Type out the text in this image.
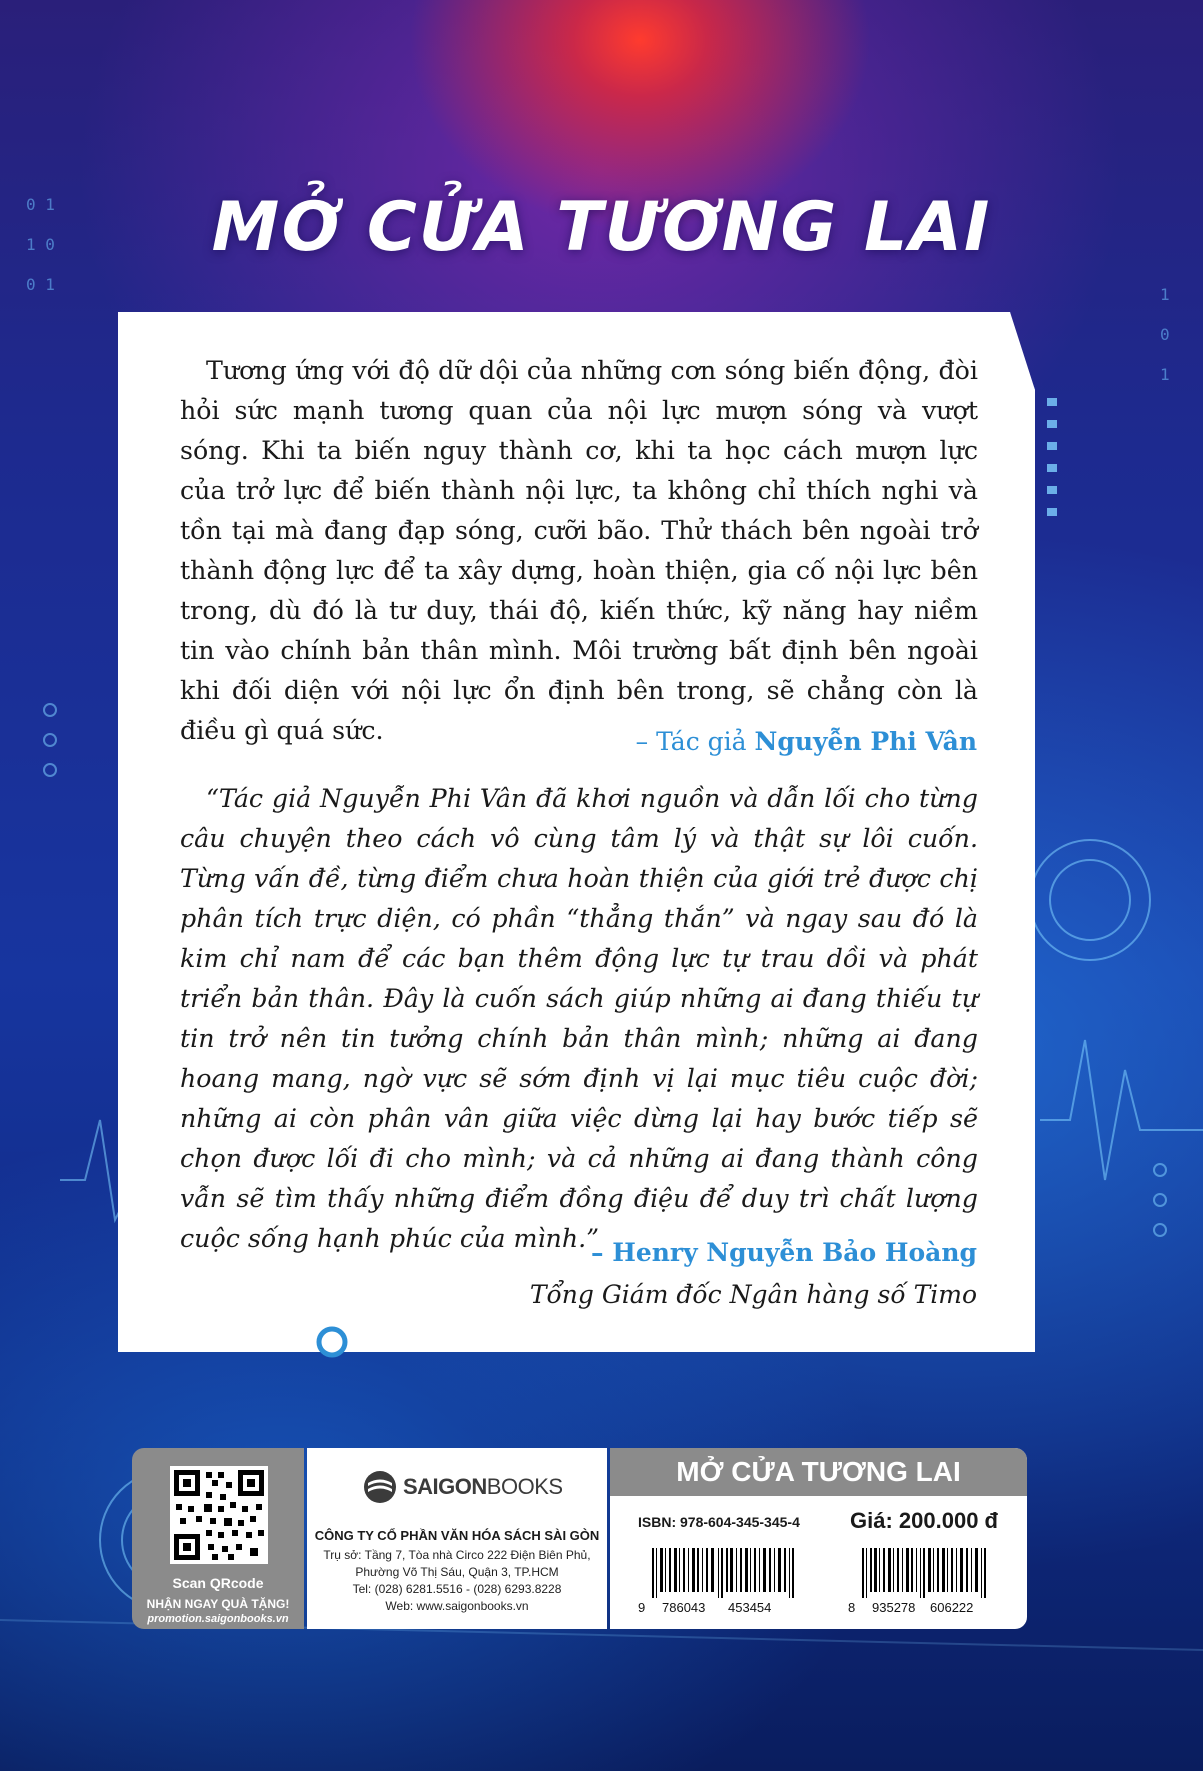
0 1
1 0
0 1
1
0
1
MỞ CỬA TƯƠNG LAI
Tương ứng với độ dữ dội của những cơn sóng biến động, đòi hỏi sức mạnh tương quan của nội lực mượn sóng và vượt sóng. Khi ta biến nguy thành cơ, khi ta học cách mượn lực của trở lực để biến thành nội lực, ta không chỉ thích nghi và tồn tại mà đang đạp sóng, cưỡi bão. Thử thách bên ngoài trở thành động lực để ta xây dựng, hoàn thiện, gia cố nội lực bên trong, dù đó là tư duy, thái độ, kiến thức, kỹ năng hay niềm tin vào chính bản thân mình. Môi trường bất định bên ngoài khi đối diện với nội lực ổn định bên trong, sẽ chẳng còn là điều gì quá sức.	– Tác giả Nguyễn Phi Vân
“Tác giả Nguyễn Phi Vân đã khơi nguồn và dẫn lối cho từng câu chuyện theo cách vô cùng tâm lý và thật sự lôi cuốn. Từng vấn đề, từng điểm chưa hoàn thiện của giới trẻ được chị phân tích trực diện, có phần “thẳng thắn” và ngay sau đó là kim chỉ nam để các bạn thêm động lực tự trau dồi và phát triển bản thân. Đây là cuốn sách giúp những ai đang thiếu tự tin trở nên tin tưởng chính bản thân mình; những ai đang hoang mang, ngờ vực sẽ sớm định vị lại mục tiêu cuộc đời; những ai còn phân vân giữa việc dừng lại hay bước tiếp sẽ chọn được lối đi cho mình; và cả những ai đang thành công vẫn sẽ tìm thấy những điểm đồng điệu để duy trì chất lượng cuộc sống hạnh phúc của mình.”
– Henry Nguyễn Bảo Hoàng
Tổng Giám đốc Ngân hàng số Timo
Scan QRcode
NHẬN NGAY QUÀ TẶNG!
promotion.saigonbooks.vn
SAIGONBOOKS
CÔNG TY CỔ PHẦN VĂN HÓA SÁCH SÀI GÒN
Trụ sở: Tầng 7, Tòa nhà Circo 222 Điện Biên Phủ,
Phường Võ Thị Sáu, Quận 3, TP.HCM
Tel: (028) 6281.5516 - (028) 6293.8228
Web: www.saigonbooks.vn
MỞ CỬA TƯƠNG LAI
ISBN: 978-604-345-345-4 Giá: 200.000 đ
9 786043 453454	8 935278 606222
